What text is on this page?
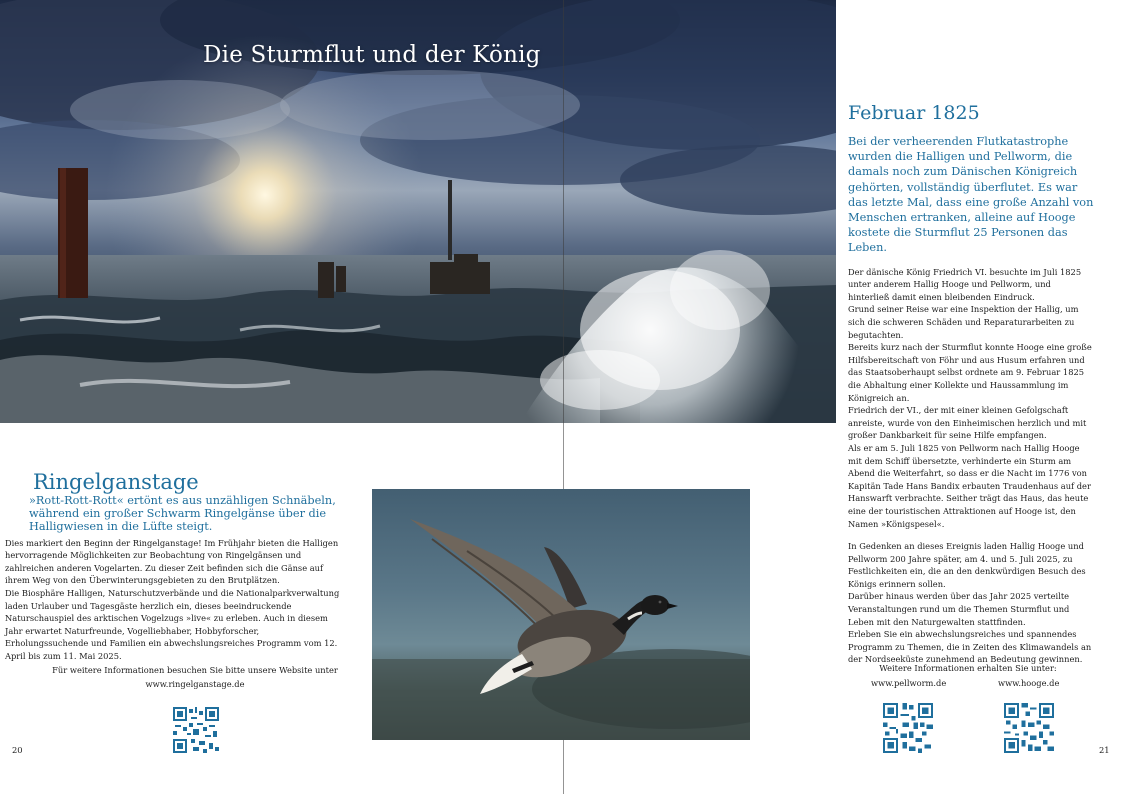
Die Sturmflut und der König
Februar 1825

Bei der verheerenden Flutkatastrophe wurden die Halligen und Pellworm, die damals noch zum Dänischen Königreich gehörten, vollständig überflutet. Es war das letzte Mal, dass eine große Anzahl von Menschen ertranken, alleine auf Hooge kostete die Sturmflut 25 Personen das Leben.

Der dänische König Friedrich VI. besuchte im Juli 1825 unter anderem Hallig Hooge und Pellworm, und hinterließ damit einen bleibenden Eindruck.

Grund seiner Reise war eine Inspektion der Hallig, um sich die schweren Schäden und Reparaturarbeiten zu begutachten.

Bereits kurz nach der Sturmflut konnte Hooge eine große Hilfsbereitschaft von Föhr und aus Husum erfahren und das Staatsoberhaupt selbst ordnete am 9. Februar 1825 die Abhaltung einer Kollekte und Haussammlung im Königreich an.

Friedrich der VI., der mit einer kleinen Gefolgschaft anreiste, wurde von den Einheimischen herzlich und mit großer Dankbarkeit für seine Hilfe empfangen.

Als er am 5. Juli 1825 von Pellworm nach Hallig Hooge mit dem Schiff übersetzte, verhinderte ein Sturm am Abend die Weiterfahrt, so dass er die Nacht im 1776 von Kapitän Tade Hans Bandix erbauten Traudenhaus auf der Hanswarft verbrachte. Seither trägt das Haus, das heute eine der touristischen Attraktionen auf Hooge ist, den Namen »Königspesel«.

In Gedenken an dieses Ereignis laden Hallig Hooge und Pellworm 200 Jahre später, am 4. und 5. Juli 2025, zu Festlichkeiten ein, die an den denkwürdigen Besuch des Königs erinnern sollen.

Darüber hinaus werden über das Jahr 2025 verteilte Veranstaltungen rund um die Themen Sturmflut und Leben mit den Naturgewalten stattfinden.

Erleben Sie ein abwechslungsreiches und spannendes Programm zu Themen, die in Zeiten des Klimawandels an der Nordseeküste zunehmend an Bedeutung gewinnen.

Weitere Informationen erhalten Sie unter:
www.pellworm.de	www.hooge.de
Ringelganstage

»Rott-Rott-Rott« ertönt es aus unzähligen Schnäbeln, während ein großer Schwarm Ringelgänse über die Halligwiesen in die Lüfte steigt.

Dies markiert den Beginn der Ringelganstage! Im Frühjahr bieten die Halligen hervorragende Möglichkeiten zur Beobachtung von Ringelgänsen und zahlreichen anderen Vogelarten. Zu dieser Zeit befinden sich die Gänse auf ihrem Weg von den Überwinterungsgebieten zu den Brutplätzen.

Die Biosphäre Halligen, Naturschutzverbände und die Nationalparkverwaltung laden Urlauber und Tagesgäste herzlich ein, dieses beeindruckende Naturschauspiel des arktischen Vogelzugs »live« zu erleben. Auch in diesem Jahr erwartet Naturfreunde, Vogelliebhaber, Hobbyforscher, Erholungssuchende und Familien ein abwechslungsreiches Programm vom 12. April bis zum 11. Mai 2025.

Für weitere Informationen besuchen Sie bitte unsere Website unter
www.ringelganstage.de
20	21
